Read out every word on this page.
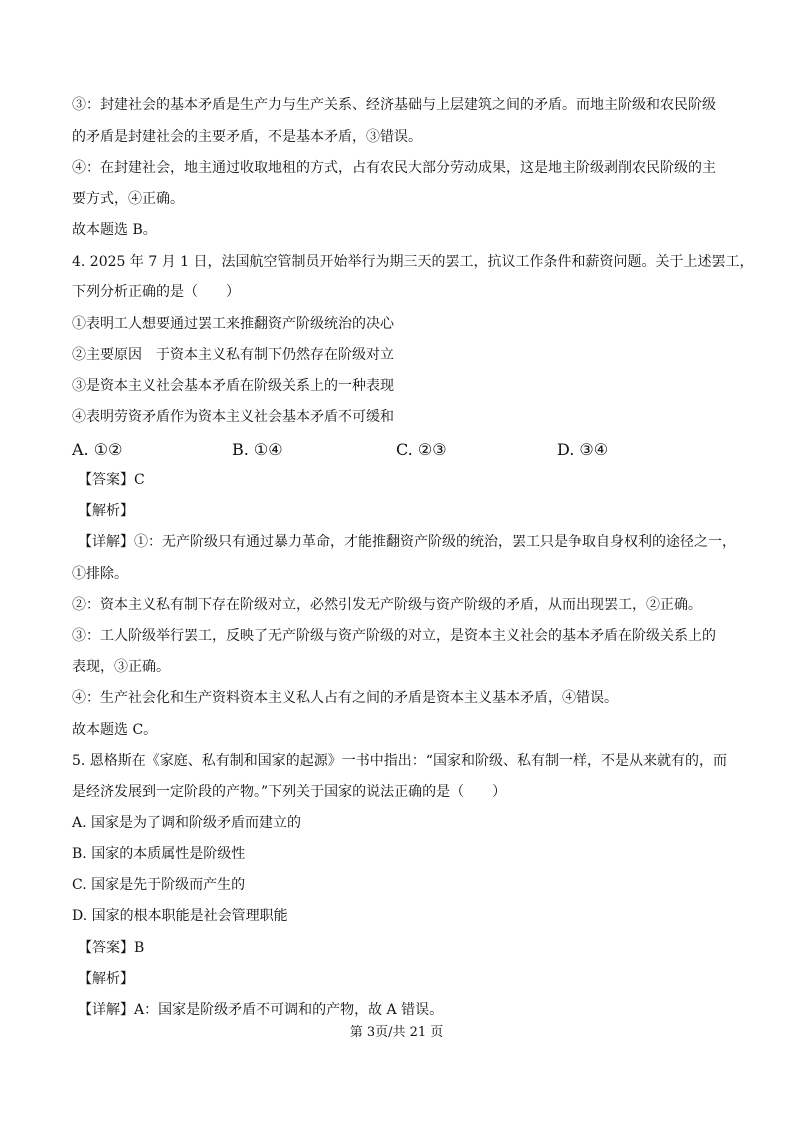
③：封建社会的基本矛盾是生产力与生产关系、经济基础与上层建筑之间的矛盾。而地主阶级和农民阶级
的矛盾是封建社会的主要矛盾，不是基本矛盾，③错误。
④：在封建社会，地主通过收取地租的方式，占有农民大部分劳动成果，这是地主阶级剥削农民阶级的主
要方式，④正确。
故本题选 B。
4. 2025 年 7 月 1 日，法国航空管制员开始举行为期三天的罢工，抗议工作条件和薪资问题。关于上述罢工，
下列分析正确的是（　　）
①表明工人想要通过罢工来推翻资产阶级统治的决心
②主要原因　于资本主义私有制下仍然存在阶级对立
③是资本主义社会基本矛盾在阶级关系上的一种表现
④表明劳资矛盾作为资本主义社会基本矛盾不可缓和
A. ①②	B. ①④	C. ②③	D. ③④
【答案】C
【解析】
【详解】①：无产阶级只有通过暴力革命，才能推翻资产阶级的统治，罢工只是争取自身权利的途径之一，
①排除。
②：资本主义私有制下存在阶级对立，必然引发无产阶级与资产阶级的矛盾，从而出现罢工，②正确。
③：工人阶级举行罢工，反映了无产阶级与资产阶级的对立，是资本主义社会的基本矛盾在阶级关系上的
表现，③正确。
④：生产社会化和生产资料资本主义私人占有之间的矛盾是资本主义基本矛盾，④错误。
故本题选 C。
5. 恩格斯在《家庭、私有制和国家的起源》一书中指出：“国家和阶级、私有制一样，不是从来就有的，而
是经济发展到一定阶段的产物。”下列关于国家的说法正确的是（　　）
A. 国家是为了调和阶级矛盾而建立的
B. 国家的本质属性是阶级性
C. 国家是先于阶级而产生的
D. 国家的根本职能是社会管理职能
【答案】B
【解析】
【详解】A：国家是阶级矛盾不可调和的产物，故 A 错误。
第 3页/共 21 页
